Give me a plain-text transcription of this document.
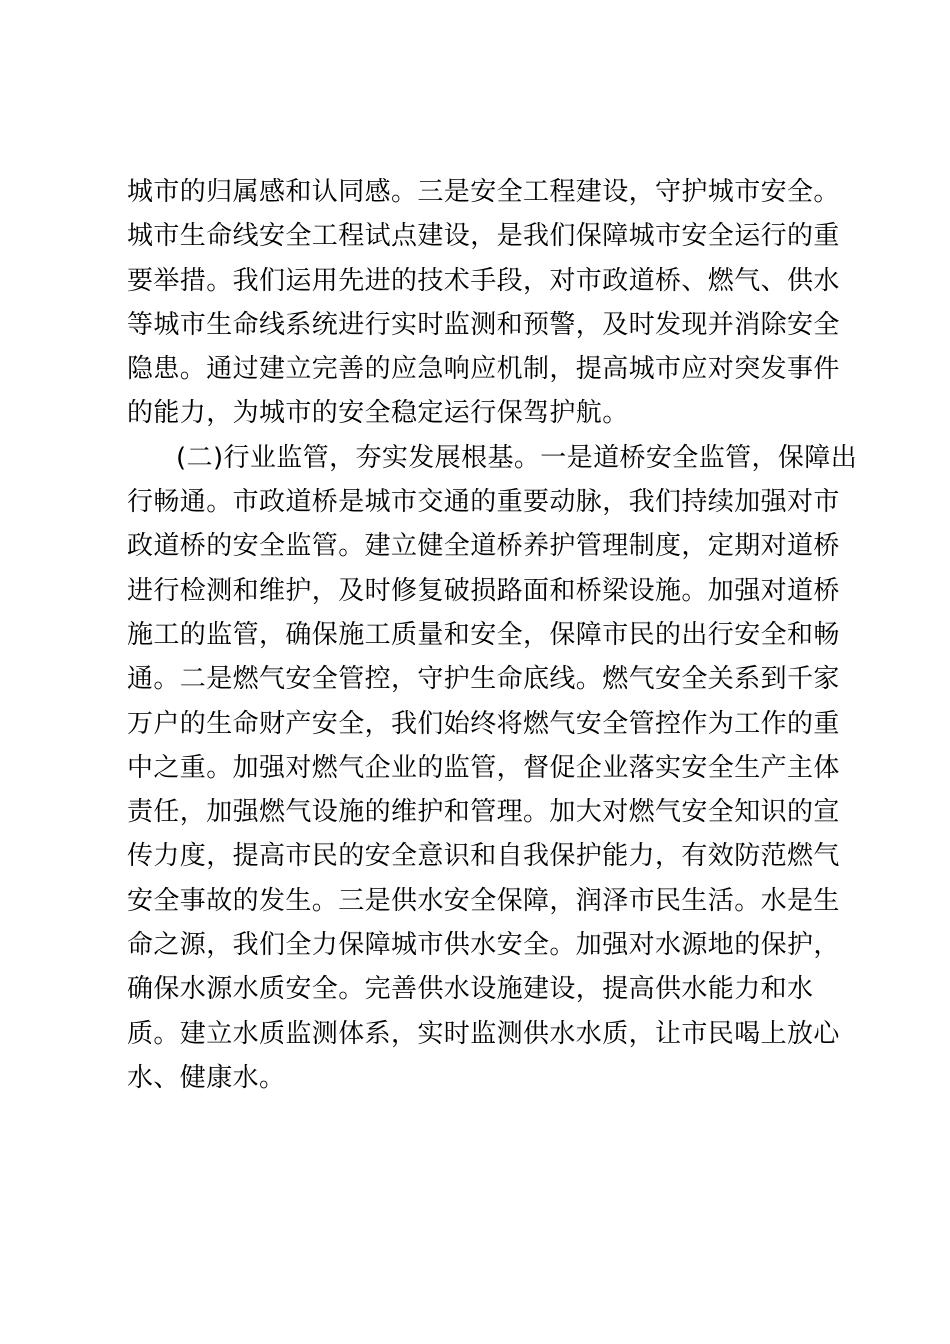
城市的归属感和认同感。三是安全工程建设，守护城市安全。
城市生命线安全工程试点建设，是我们保障城市安全运行的重
要举措。我们运用先进的技术手段，对市政道桥、燃气、供水
等城市生命线系统进行实时监测和预警，及时发现并消除安全
隐患。通过建立完善的应急响应机制，提高城市应对突发事件
的能力，为城市的安全稳定运行保驾护航。
(二)行业监管，夯实发展根基。一是道桥安全监管，保障出
行畅通。市政道桥是城市交通的重要动脉，我们持续加强对市
政道桥的安全监管。建立健全道桥养护管理制度，定期对道桥
进行检测和维护，及时修复破损路面和桥梁设施。加强对道桥
施工的监管，确保施工质量和安全，保障市民的出行安全和畅
通。二是燃气安全管控，守护生命底线。燃气安全关系到千家
万户的生命财产安全，我们始终将燃气安全管控作为工作的重
中之重。加强对燃气企业的监管，督促企业落实安全生产主体
责任，加强燃气设施的维护和管理。加大对燃气安全知识的宣
传力度，提高市民的安全意识和自我保护能力，有效防范燃气
安全事故的发生。三是供水安全保障，润泽市民生活。水是生
命之源，我们全力保障城市供水安全。加强对水源地的保护，
确保水源水质安全。完善供水设施建设，提高供水能力和水
质。建立水质监测体系，实时监测供水水质，让市民喝上放心
水、健康水。
